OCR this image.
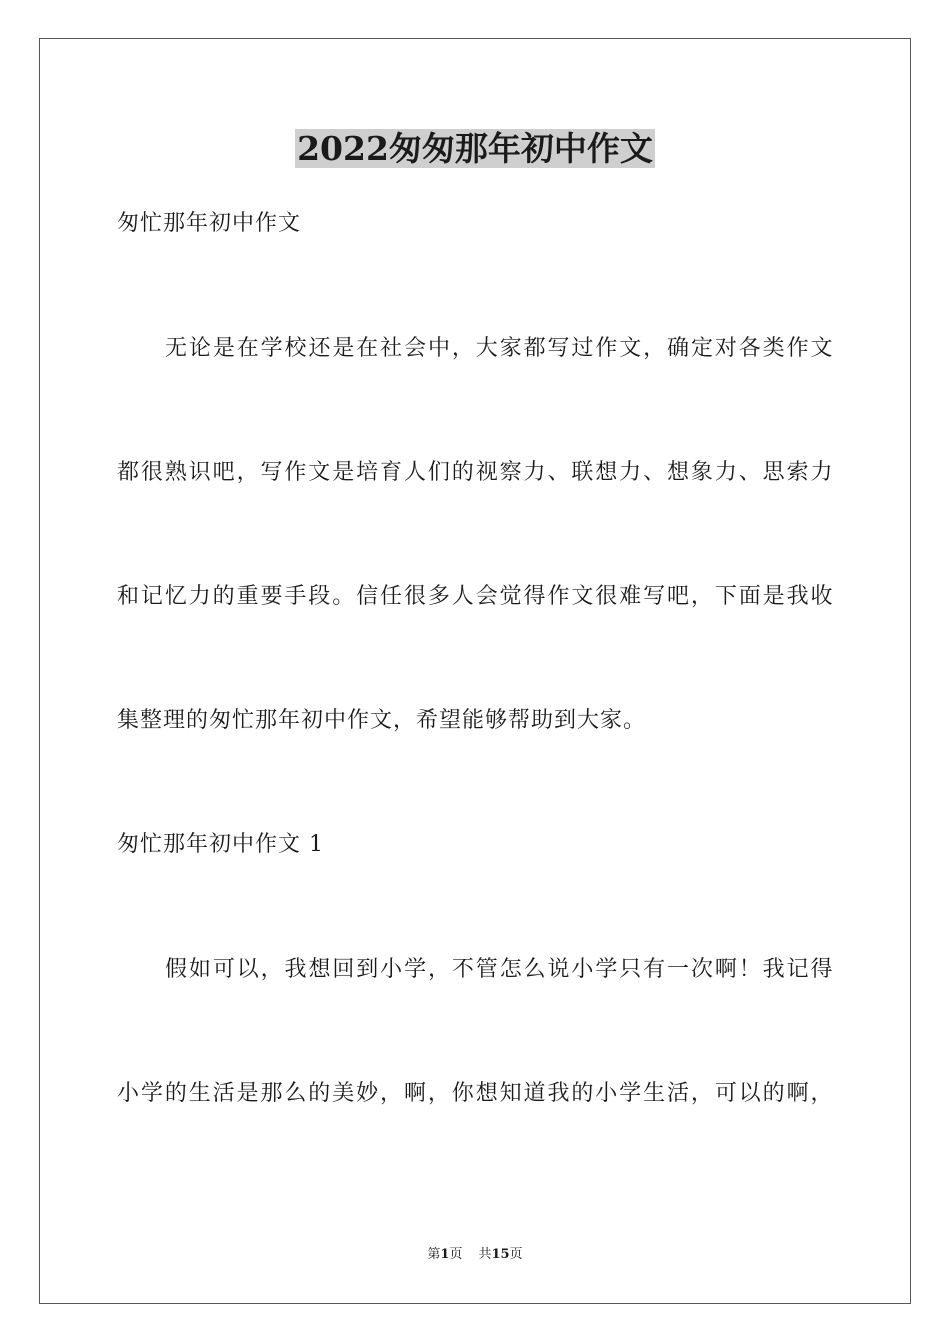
2022匆匆那年初中作文
匆忙那年初中作文
无论是在学校还是在社会中，大家都写过作文，确定对各类作文
都很熟识吧，写作文是培育人们的视察力、联想力、想象力、思索力
和记忆力的重要手段。信任很多人会觉得作文很难写吧，下面是我收
集整理的匆忙那年初中作文，希望能够帮助到大家。
匆忙那年初中作文 1
假如可以，我想回到小学，不管怎么说小学只有一次啊！我记得
小学的生活是那么的美妙，啊，你想知道我的小学生活，可以的啊，
第1页 共15页
